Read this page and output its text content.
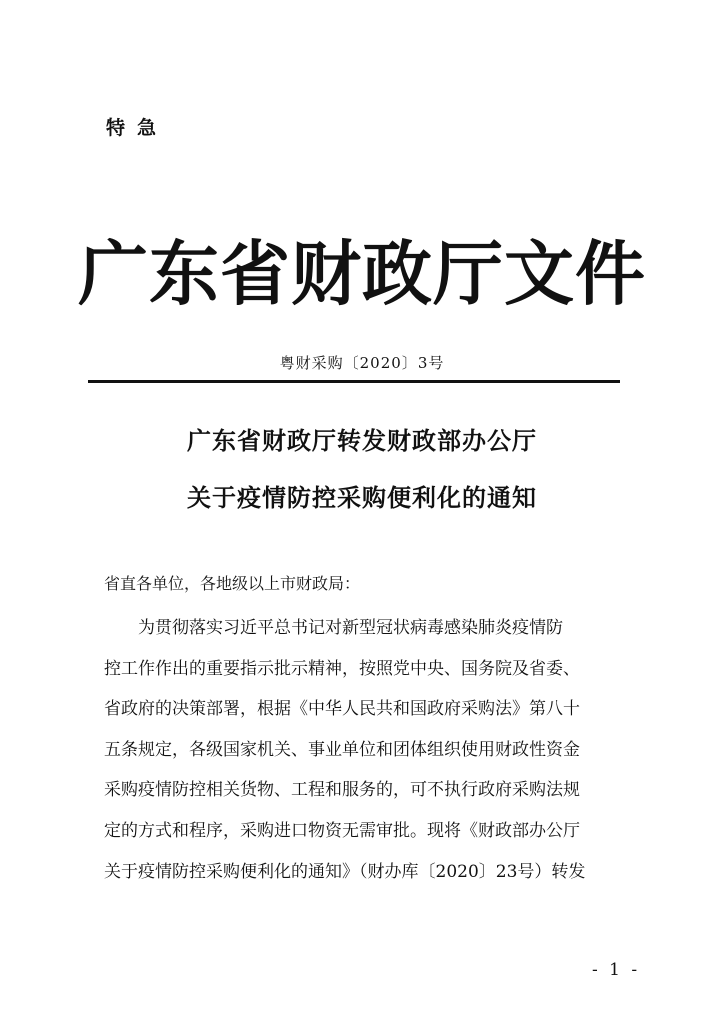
特急
广东省财政厅文件
粤财采购〔2020〕3号
广东省财政厅转发财政部办公厅
关于疫情防控采购便利化的通知
省直各单位，各地级以上市财政局：

为贯彻落实习近平总书记对新型冠状病毒感染肺炎疫情防
控工作作出的重要指示批示精神，按照党中央、国务院及省委、
省政府的决策部署，根据《中华人民共和国政府采购法》第八十
五条规定，各级国家机关、事业单位和团体组织使用财政性资金
采购疫情防控相关货物、工程和服务的，可不执行政府采购法规
定的方式和程序，采购进口物资无需审批。现将《财政部办公厅
关于疫情防控采购便利化的通知》（财办库〔2020〕23号）转发

- 1 -
